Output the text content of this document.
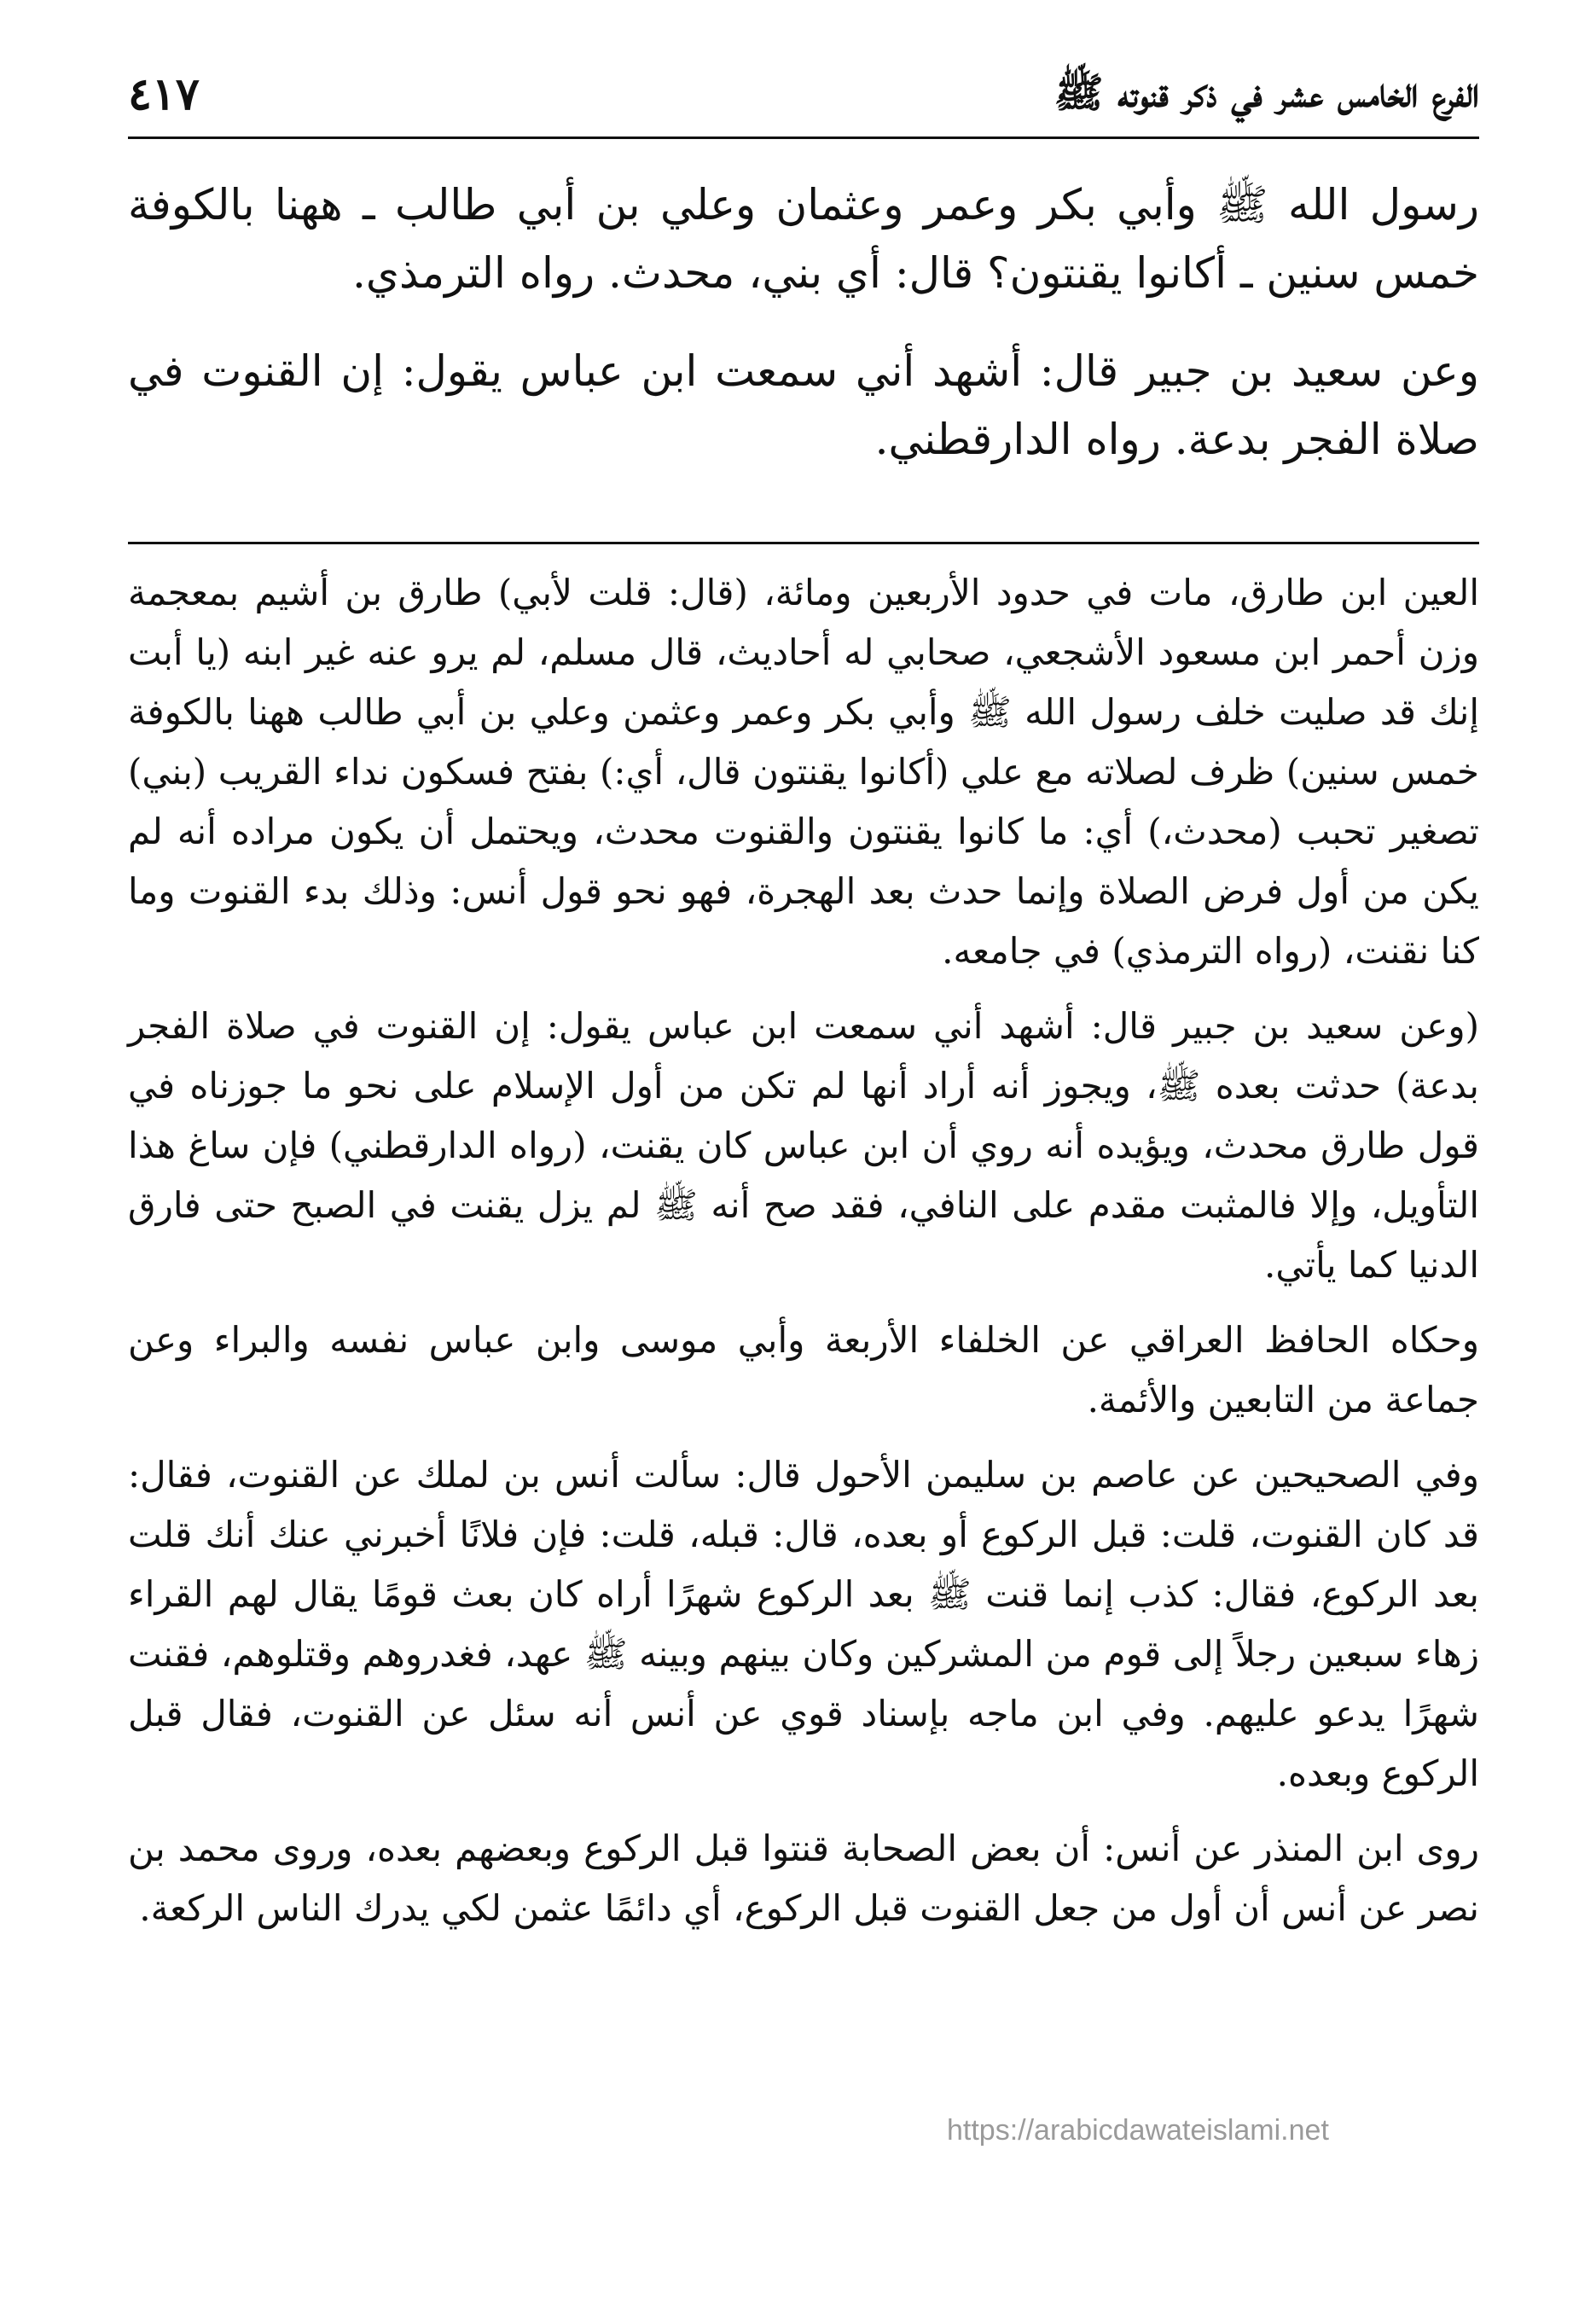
الفرع الخامس عشر في ذكر قنوته ﷺ
٤١٧

رسول الله ﷺ وأبي بكر وعمر وعثمان وعلي بن أبي طالب ـ ههنا بالكوفة خمس سنين ـ أكانوا يقنتون؟ قال: أي بني، محدث. رواه الترمذي.

وعن سعيد بن جبير قال: أشهد أني سمعت ابن عباس يقول: إن القنوت في صلاة الفجر بدعة. رواه الدارقطني.

العين ابن طارق، مات في حدود الأربعين ومائة، (قال: قلت لأبي) طارق بن أشيم بمعجمة وزن أحمر ابن مسعود الأشجعي، صحابي له أحاديث، قال مسلم، لم يرو عنه غير ابنه (يا أبت إنك قد صليت خلف رسول الله ﷺ وأبي بكر وعمر وعثمن وعلي بن أبي طالب ههنا بالكوفة خمس سنين) ظرف لصلاته مع علي (أكانوا يقنتون قال، أي:) بفتح فسكون نداء القريب (بني) تصغير تحبب (محدث،) أي: ما كانوا يقنتون والقنوت محدث، ويحتمل أن يكون مراده أنه لم يكن من أول فرض الصلاة وإنما حدث بعد الهجرة، فهو نحو قول أنس: وذلك بدء القنوت وما كنا نقنت، (رواه الترمذي) في جامعه.

(وعن سعيد بن جبير قال: أشهد أني سمعت ابن عباس يقول: إن القنوت في صلاة الفجر بدعة) حدثت بعده ﷺ، ويجوز أنه أراد أنها لم تكن من أول الإسلام على نحو ما جوزناه في قول طارق محدث، ويؤيده أنه روي أن ابن عباس كان يقنت، (رواه الدارقطني) فإن ساغ هذا التأويل، وإلا فالمثبت مقدم على النافي، فقد صح أنه ﷺ لم يزل يقنت في الصبح حتى فارق الدنيا كما يأتي.

وحكاه الحافظ العراقي عن الخلفاء الأربعة وأبي موسى وابن عباس نفسه والبراء وعن جماعة من التابعين والأئمة.

وفي الصحيحين عن عاصم بن سليمن الأحول قال: سألت أنس بن لملك عن القنوت، فقال: قد كان القنوت، قلت: قبل الركوع أو بعده، قال: قبله، قلت: فإن فلانًا أخبرني عنك أنك قلت بعد الركوع، فقال: كذب إنما قنت ﷺ بعد الركوع شهرًا أراه كان بعث قومًا يقال لهم القراء زهاء سبعين رجلاً إلى قوم من المشركين وكان بينهم وبينه ﷺ عهد، فغدروهم وقتلوهم، فقنت شهرًا يدعو عليهم. وفي ابن ماجه بإسناد قوي عن أنس أنه سئل عن القنوت، فقال قبل الركوع وبعده.

روى ابن المنذر عن أنس: أن بعض الصحابة قنتوا قبل الركوع وبعضهم بعده، وروى محمد بن نصر عن أنس أن أول من جعل القنوت قبل الركوع، أي دائمًا عثمن لكي يدرك الناس الركعة.

https://arabicdawateislami.net
